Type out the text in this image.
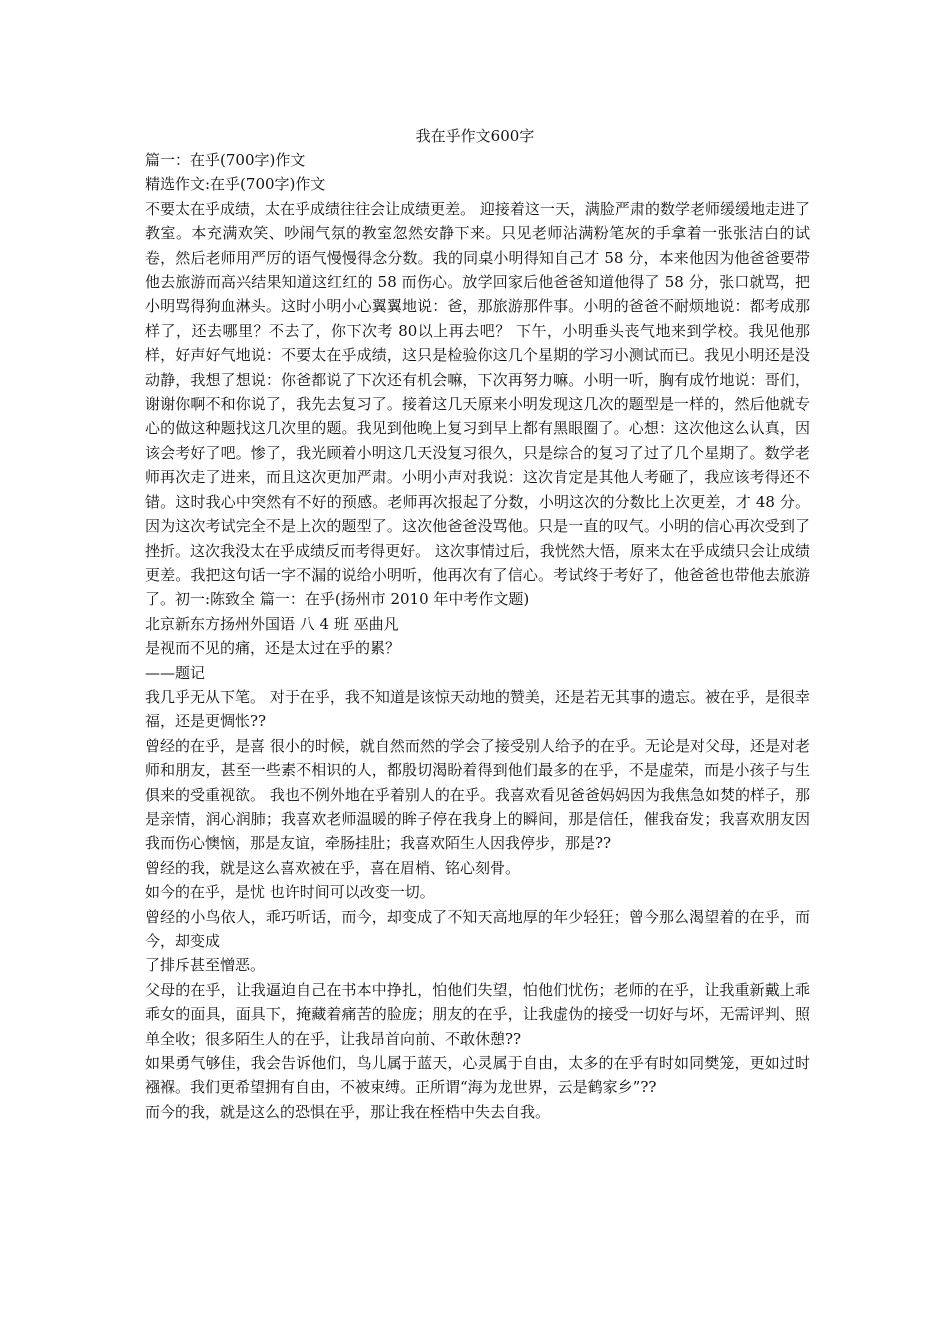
我在乎作文600字

篇一：在乎(700字)作文

精选作文:在乎(700字)作文

不要太在乎成绩，太在乎成绩往往会让成绩更差。 迎接着这一天，满脸严肃的数学老师缓缓地走进了教室。本充满欢笑、吵闹气氛的教室忽然安静下来。只见老师沾满粉笔灰的手拿着一张张洁白的试卷，然后老师用严厉的语气慢慢得念分数。我的同桌小明得知自己才 58 分，本来他因为他爸爸要带他去旅游而高兴结果知道这红红的 58 而伤心。放学回家后他爸爸知道他得了 58 分，张口就骂，把小明骂得狗血淋头。这时小明小心翼翼地说：爸，那旅游那件事。小明的爸爸不耐烦地说：都考成那样了，还去哪里？不去了，你下次考 80以上再去吧？ 下午，小明垂头丧气地来到学校。我见他那样，好声好气地说：不要太在乎成绩，这只是检验你这几个星期的学习小测试而已。我见小明还是没动静，我想了想说：你爸都说了下次还有机会嘛，下次再努力嘛。小明一听，胸有成竹地说：哥们，谢谢你啊不和你说了，我先去复习了。接着这几天原来小明发现这几次的题型是一样的，然后他就专心的做这种题找这几次里的题。我见到他晚上复习到早上都有黑眼圈了。心想：这次他这么认真，因该会考好了吧。惨了，我光顾着小明这几天没复习很久，只是综合的复习了过了几个星期了。数学老师再次走了进来，而且这次更加严肃。小明小声对我说：这次肯定是其他人考砸了，我应该考得还不错。这时我心中突然有不好的预感。老师再次报起了分数，小明这次的分数比上次更差，才 48 分。因为这次考试完全不是上次的题型了。这次他爸爸没骂他。只是一直的叹气。小明的信心再次受到了挫折。这次我没太在乎成绩反而考得更好。 这次事情过后，我恍然大悟，原来太在乎成绩只会让成绩更差。我把这句话一字不漏的说给小明听，他再次有了信心。考试终于考好了，他爸爸也带他去旅游了。初一:陈致全 篇一：在乎(扬州市 2010 年中考作文题)

北京新东方扬州外国语 八 4 班 巫曲凡

是视而不见的痛，还是太过在乎的累？

——题记

我几乎无从下笔。 对于在乎，我不知道是该惊天动地的赞美，还是若无其事的遗忘。被在乎，是很幸福，还是更惆怅??

曾经的在乎，是喜 很小的时候，就自然而然的学会了接受别人给予的在乎。无论是对父母，还是对老师和朋友，甚至一些素不相识的人，都殷切渴盼着得到他们最多的在乎，不是虚荣，而是小孩子与生俱来的受重视欲。 我也不例外地在乎着别人的在乎。我喜欢看见爸爸妈妈因为我焦急如焚的样子，那是亲情，润心润肺；我喜欢老师温暖的眸子停在我身上的瞬间，那是信任，催我奋发；我喜欢朋友因我而伤心懊恼，那是友谊，牵肠挂肚；我喜欢陌生人因我停步，那是??

曾经的我，就是这么喜欢被在乎，喜在眉梢、铭心刻骨。

如今的在乎，是忧 也许时间可以改变一切。

曾经的小鸟依人，乖巧听话，而今，却变成了不知天高地厚的年少轻狂；曾今那么渴望着的在乎，而今，却变成

了排斥甚至憎恶。

父母的在乎，让我逼迫自己在书本中挣扎，怕他们失望，怕他们忧伤；老师的在乎，让我重新戴上乖乖女的面具，面具下，掩藏着痛苦的脸庞；朋友的在乎，让我虚伪的接受一切好与坏，无需评判、照单全收；很多陌生人的在乎，让我昂首向前、不敢休憩??

如果勇气够佳，我会告诉他们，鸟儿属于蓝天，心灵属于自由，太多的在乎有时如同樊笼，更如过时襁褓。我们更希望拥有自由，不被束缚。正所谓“海为龙世界，云是鹤家乡”??

而今的我，就是这么的恐惧在乎，那让我在桎梏中失去自我。
